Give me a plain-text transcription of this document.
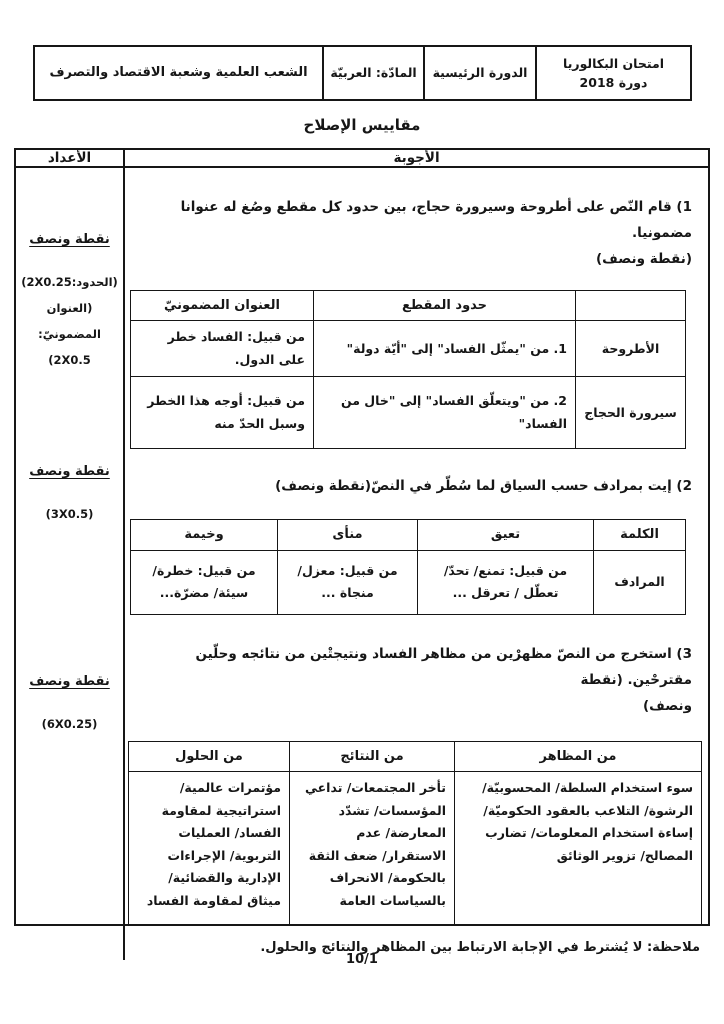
امتحان البكالوريا
دورة 2018
الدورة الرئيسية
المادّة: العربيّة
الشعب العلمية وشعبة الاقتصاد والتصرف
مقاييس الإصلاح
الأجوبة
الأعداد
1) قام النّص على أطروحة وسيرورة حجاج، بين حدود كل مقطع وصُغ له عنوانا مضمونيا.
(نقطة ونصف)
	حدود المقطع	العنوان المضمونيّ
الأطروحة	1. من "يمثّل الفساد" إلى "أيّة دولة"	من قبيل: الفساد خطر على الدول.
سيرورة الحجاج	2. من "ويتعلّق الفساد" إلى "خال من الفساد"	من قبيل: أوجه هذا الخطر وسبل الحدّ منه
2) إيت بمرادف حسب السياق لما سُطّر في النصّ(نقطة ونصف)
الكلمة	تعيق	منأى	وخيمة
المرادف	من قبيل: تمنع/ تحدّ/ تعطّل / تعرقل ...	من قبيل: معزل/ منجاة ...	من قبيل: خطرة/ سيئة/ مضرّة...
3) استخرج من النصّ مظهرْين من مظاهر الفساد ونتيجتْين من نتائجه وحلّين مقترحْين. (نقطة
ونصف)
من المظاهر	من النتائج	من الحلول
سوء استخدام السلطة/ المحسوبيّة/ الرشوة/ التلاعب بالعقود الحكوميّة/ إساءة استخدام المعلومات/ تضارب المصالح/ تزوير الوثائق	تأخر المجتمعات/ تداعي المؤسسات/ تشدّد المعارضة/ عدم الاستقرار/ ضعف الثقة بالحكومة/ الانحراف بالسياسات العامة	مؤتمرات عالمية/ استراتيجية لمقاومة الفساد/ العمليات التربوية/ الإجراءات الإدارية والقضائية/ ميثاق لمقاومة الفساد
ملاحظة: لا يُشترط في الإجابة الارتباط بين المظاهر والنتائج والحلول.
نقطة ونصف
(الحدود:2X0.25)
(العنوان المضمونيّ:
2X0.5)
نقطة ونصف
(3X0.5)
نقطة ونصف
(6X0.25)
10/1
